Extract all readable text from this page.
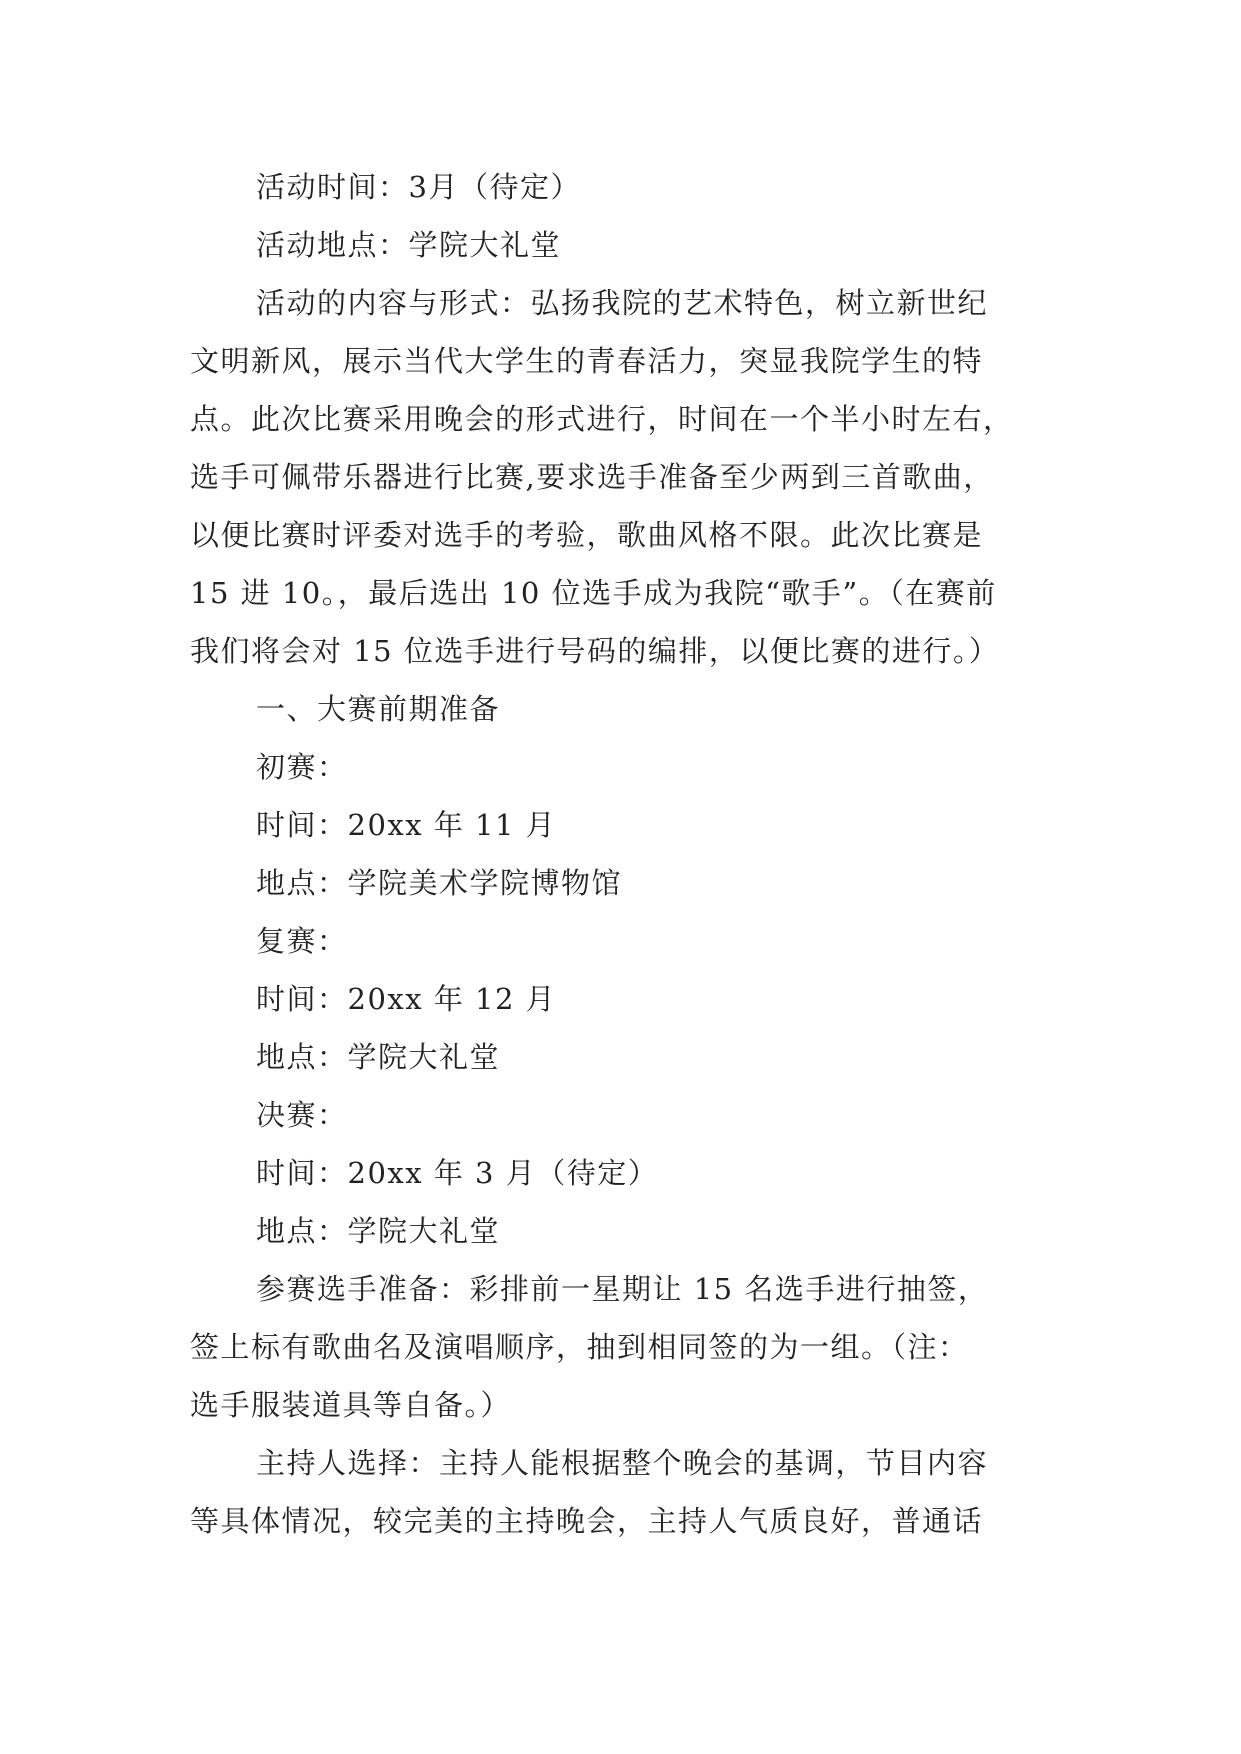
活动时间：3月（待定）
活动地点：学院大礼堂
活动的内容与形式：弘扬我院的艺术特色，树立新世纪
文明新风，展示当代大学生的青春活力，突显我院学生的特
点。此次比赛采用晚会的形式进行，时间在一个半小时左右，
选手可佩带乐器进行比赛,要求选手准备至少两到三首歌曲，
以便比赛时评委对选手的考验，歌曲风格不限。此次比赛是
15 进 10。，最后选出 10 位选手成为我院“歌手”。（在赛前
我们将会对 15 位选手进行号码的编排，以便比赛的进行。）
一、大赛前期准备
初赛：
时间：20xx 年 11 月
地点：学院美术学院博物馆
复赛：
时间：20xx 年 12 月
地点：学院大礼堂
决赛：
时间：20xx 年 3 月（待定）
地点：学院大礼堂
参赛选手准备：彩排前一星期让 15 名选手进行抽签，
签上标有歌曲名及演唱顺序，抽到相同签的为一组。（注：
选手服装道具等自备。）
主持人选择：主持人能根据整个晚会的基调，节目内容
等具体情况，较完美的主持晚会，主持人气质良好，普通话
